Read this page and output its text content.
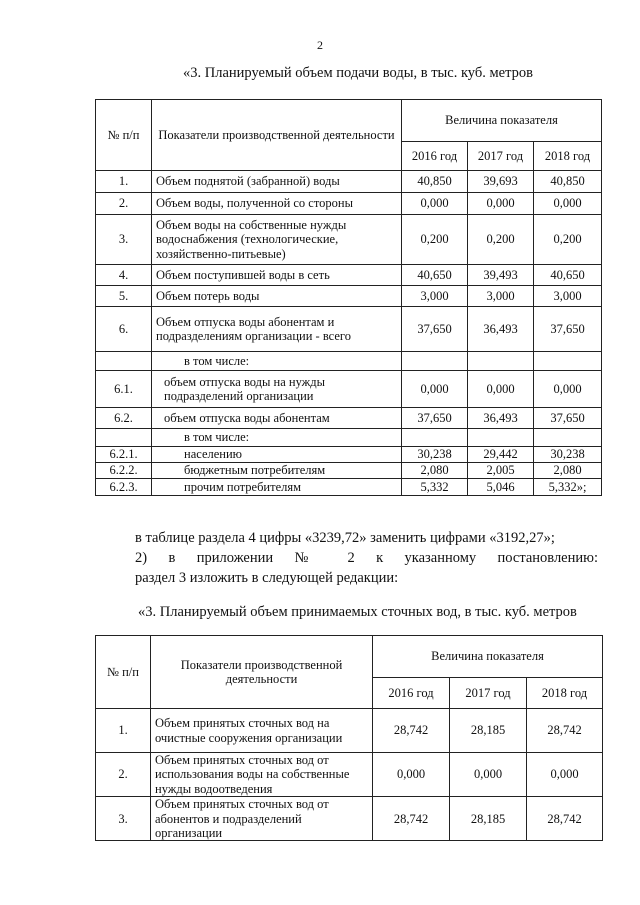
2
«3. Планируемый объем подачи воды, в тыс. куб. метров
№ п/п	Показатели производственной деятельности	Величина показателя		
		2016 год	2017 год	2018 год
1.	Объем поднятой (забранной) воды	40,850	39,693	40,850
2.	Объем воды, полученной со стороны	0,000	0,000	0,000
3.	Объем воды на собственные нужды водоснабжения (технологические, хозяйственно-питьевые)	0,200	0,200	0,200
4.	Объем поступившей воды в сеть	40,650	39,493	40,650
5.	Объем потерь воды	3,000	3,000	3,000
6.	Объем отпуска воды абонентам и подразделениям организации - всего	37,650	36,493	37,650
	в том числе:			
6.1.	объем отпуска воды на нужды подразделений организации	0,000	0,000	0,000
6.2.	объем отпуска воды абонентам	37,650	36,493	37,650
	в том числе:			
6.2.1.	населению	30,238	29,442	30,238
6.2.2.	бюджетным потребителям	2,080	2,005	2,080
6.2.3.	прочим потребителям	5,332	5,046	5,332»;
в таблице раздела 4 цифры «3239,72» заменить цифрами «3192,27»;
2) в приложении № 2 к указанному постановлению:
раздел 3 изложить в следующей редакции:
«3. Планируемый объем принимаемых сточных вод, в тыс. куб. метров
№ п/п	Показатели производственной деятельности	Величина показателя		
		2016 год	2017 год	2018 год
1.	Объем принятых сточных вод на очистные сооружения организации	28,742	28,185	28,742
2.	Объем принятых сточных вод от использования воды на собственные нужды водоотведения	0,000	0,000	0,000
3.	Объем принятых сточных вод от абонентов и подразделений организации	28,742	28,185	28,742
